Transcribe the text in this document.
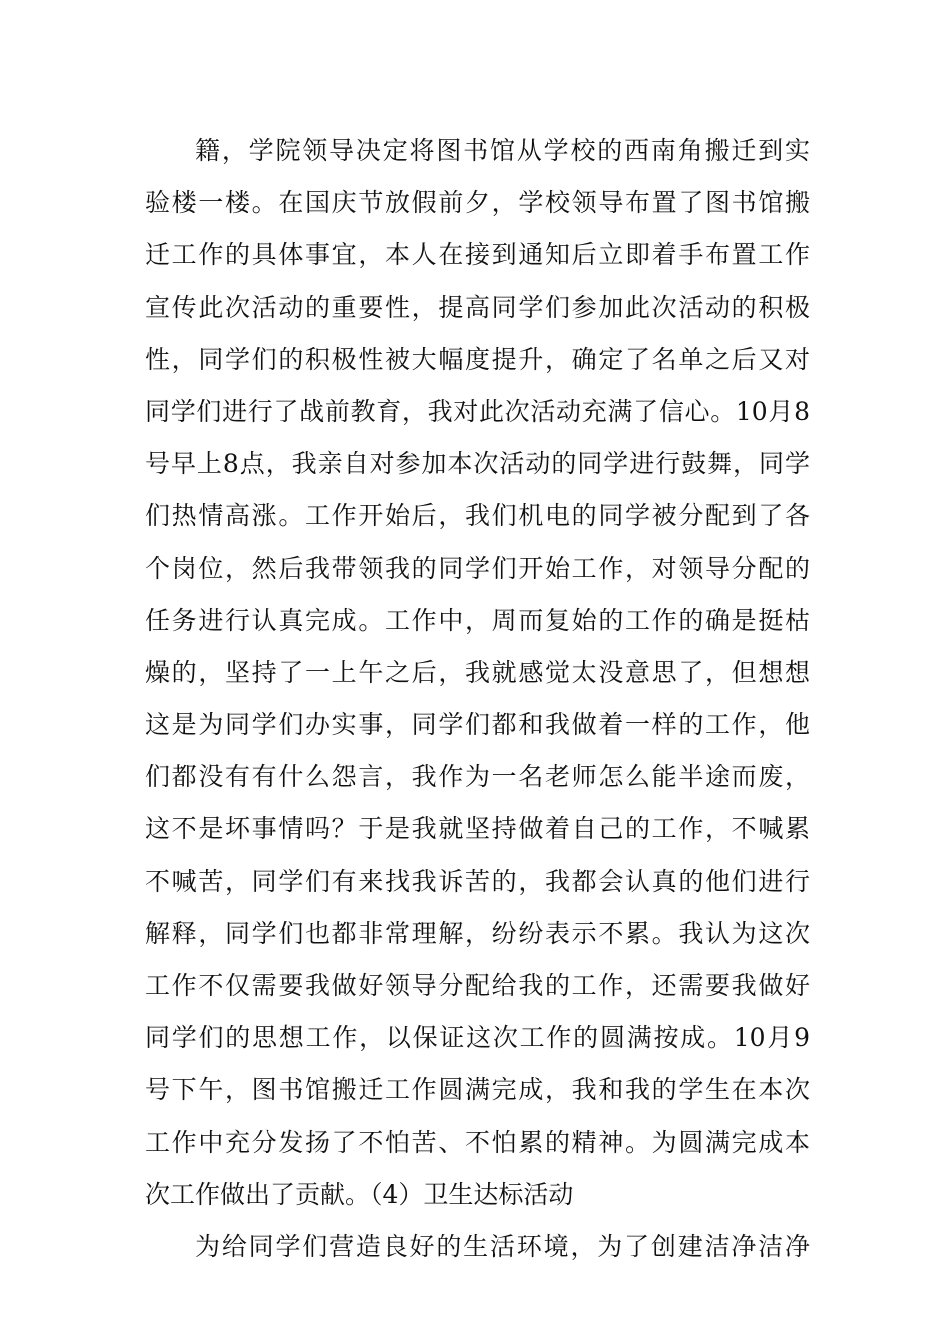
籍，学院领导决定将图书馆从学校的西南角搬迁到实
验楼一楼。在国庆节放假前夕，学校领导布置了图书馆搬
迁工作的具体事宜，本人在接到通知后立即着手布置工作
宣传此次活动的重要性，提高同学们参加此次活动的积极
性，同学们的积极性被大幅度提升，确定了名单之后又对
同学们进行了战前教育，我对此次活动充满了信心。10月8
号早上8点，我亲自对参加本次活动的同学进行鼓舞，同学
们热情高涨。工作开始后，我们机电的同学被分配到了各
个岗位，然后我带领我的同学们开始工作，对领导分配的
任务进行认真完成。工作中，周而复始的工作的确是挺枯
燥的，坚持了一上午之后，我就感觉太没意思了，但想想
这是为同学们办实事，同学们都和我做着一样的工作，他
们都没有有什么怨言，我作为一名老师怎么能半途而废，
这不是坏事情吗？于是我就坚持做着自己的工作，不喊累
不喊苦，同学们有来找我诉苦的，我都会认真的他们进行
解释，同学们也都非常理解，纷纷表示不累。我认为这次
工作不仅需要我做好领导分配给我的工作，还需要我做好
同学们的思想工作，以保证这次工作的圆满按成。10月9
号下午，图书馆搬迁工作圆满完成，我和我的学生在本次
工作中充分发扬了不怕苦、不怕累的精神。为圆满完成本
次工作做出了贡献。（4）卫生达标活动
为给同学们营造良好的生活环境，为了创建洁净洁净
